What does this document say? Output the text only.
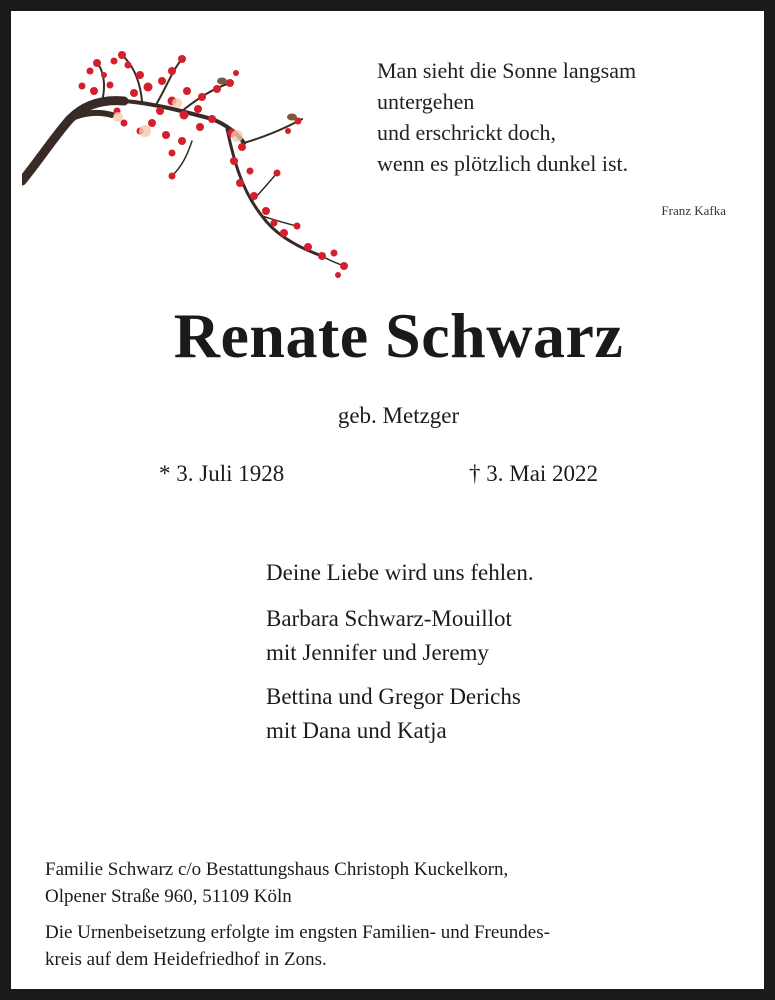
Man sieht die Sonne langsam
untergehen
und erschrickt doch,
wenn es plötzlich dunkel ist.
Franz Kafka
Renate Schwarz
geb. Metzger
* 3. Juli 1928	† 3. Mai 2022
Deine Liebe wird uns fehlen.
Barbara Schwarz-Mouillot
mit Jennifer und Jeremy
Bettina und Gregor Derichs
mit Dana und Katja
Familie Schwarz c/o Bestattungshaus Christoph Kuckelkorn,
Olpener Straße 960, 51109 Köln
Die Urnenbeisetzung erfolgte im engsten Familien- und Freundes-
kreis auf dem Heidefriedhof in Zons.
